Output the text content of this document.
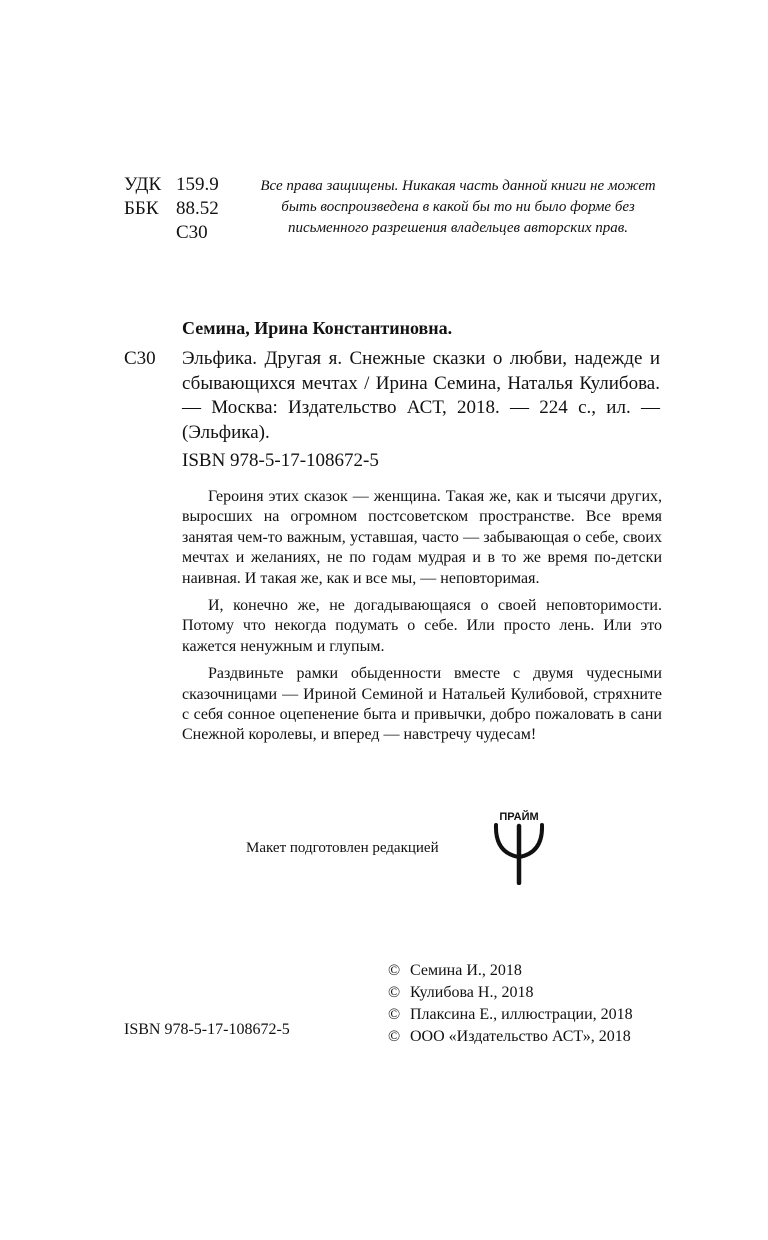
УДК 159.9
ББК 88.52
С30
Все права защищены. Никакая часть данной книги не может быть воспроизведена в какой бы то ни было форме без письменного разрешения владельцев авторских прав.
Семина, Ирина Константиновна.
С30 Эльфика. Другая я. Снежные сказки о любви, надежде и сбывающихся мечтах / Ирина Семина, Наталья Кулибова. — Москва: Издательство АСТ, 2018. — 224 с., ил. — (Эльфика).
ISBN 978-5-17-108672-5

Героиня этих сказок — женщина. Такая же, как и тысячи других, выросших на огромном постсоветском пространстве. Все время занятая чем-то важным, уставшая, часто — забывающая о себе, своих мечтах и желаниях, не по годам мудрая и в то же время по-детски наивная. И такая же, как и все мы, — неповторимая.

И, конечно же, не догадывающаяся о своей неповторимости. Потому что некогда подумать о себе. Или просто лень. Или это кажется ненужным и глупым.

Раздвиньте рамки обыденности вместе с двумя чудесными сказочницами — Ириной Семиной и Натальей Кулибовой, стряхните с себя сонное оцепенение быта и привычки, добро пожаловать в сани Снежной королевы, и вперед — навстречу чудесам!

Макет подготовлен редакцией
ПРАЙМ
© Семина И., 2018
© Кулибова Н., 2018
© Плаксина Е., иллюстрации, 2018
© ООО «Издательство АСТ», 2018
ISBN 978-5-17-108672-5
